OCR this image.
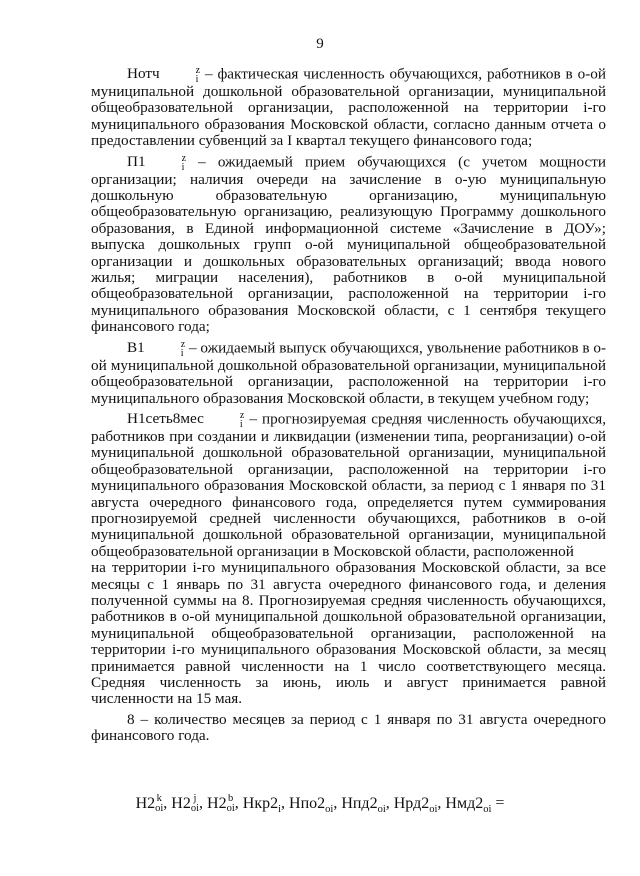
9

Нотч	z
i – фактическая численность обучающихся, работников в о-ой муниципальной дошкольной образовательной организации, муниципальной общеобразовательной организации, расположенной на территории i-го муниципального образования Московской области, согласно данным отчета о предоставлении субвенций за I квартал текущего финансового года;

П1	z
i – ожидаемый прием обучающихся (с учетом мощности организации; наличия очереди на зачисление в о-ую муниципальную дошкольную образовательную организацию, муниципальную общеобразовательную организацию, реализующую Программу дошкольного образования, в Единой информационной системе «Зачисление в ДОУ»; выпуска дошкольных групп о-ой муниципальной общеобразовательной организации и дошкольных образовательных организаций; ввода нового жилья; миграции населения), работников в о-ой муниципальной общеобразовательной организации, расположенной на территории i-го муниципального образования Московской области, с 1 сентября текущего финансового года;

В1	z
i – ожидаемый выпуск обучающихся, увольнение работников в о-ой муниципальной дошкольной образовательной организации, муниципальной общеобразовательной организации, расположенной на территории i-го муниципального образования Московской области, в текущем учебном году;

Н1сеть8мес	z
i – прогнозируемая средняя численность обучающихся, работников при создании и ликвидации (изменении типа, реорганизации) о-ой муниципальной дошкольной образовательной организации, муниципальной общеобразовательной организации, расположенной на территории i-го муниципального образования Московской области, за период с 1 января по 31 августа очередного финансового года, определяется путем суммирования прогнозируемой средней численности обучающихся, работников в о-ой муниципальной дошкольной образовательной организации, муниципальной общеобразовательной организации в Московской области, расположенной

на территории i-го муниципального образования Московской области, за все месяцы с 1 январь по 31 августа очередного финансового года, и деления полученной суммы на 8. Прогнозируемая средняя численность обучающихся, работников в о-ой муниципальной дошкольной образовательной организации, муниципальной общеобразовательной организации, расположенной на территории i-го муниципального образования Московской области, за месяц принимается равной численности на 1 число соответствующего месяца. Средняя численность за июнь, июль и август принимается равной численности на 15 мая.

8 – количество месяцев за период с 1 января по 31 августа очередного финансового года.

Н2 k
oi , Н2 j
oi , Н2 b
oi , $Нкр2_i$, $Нпо2_{oi}$, $Нпд2_{oi}$, $Нрд2_{oi}$, $Нмд2_{oi}$ =
